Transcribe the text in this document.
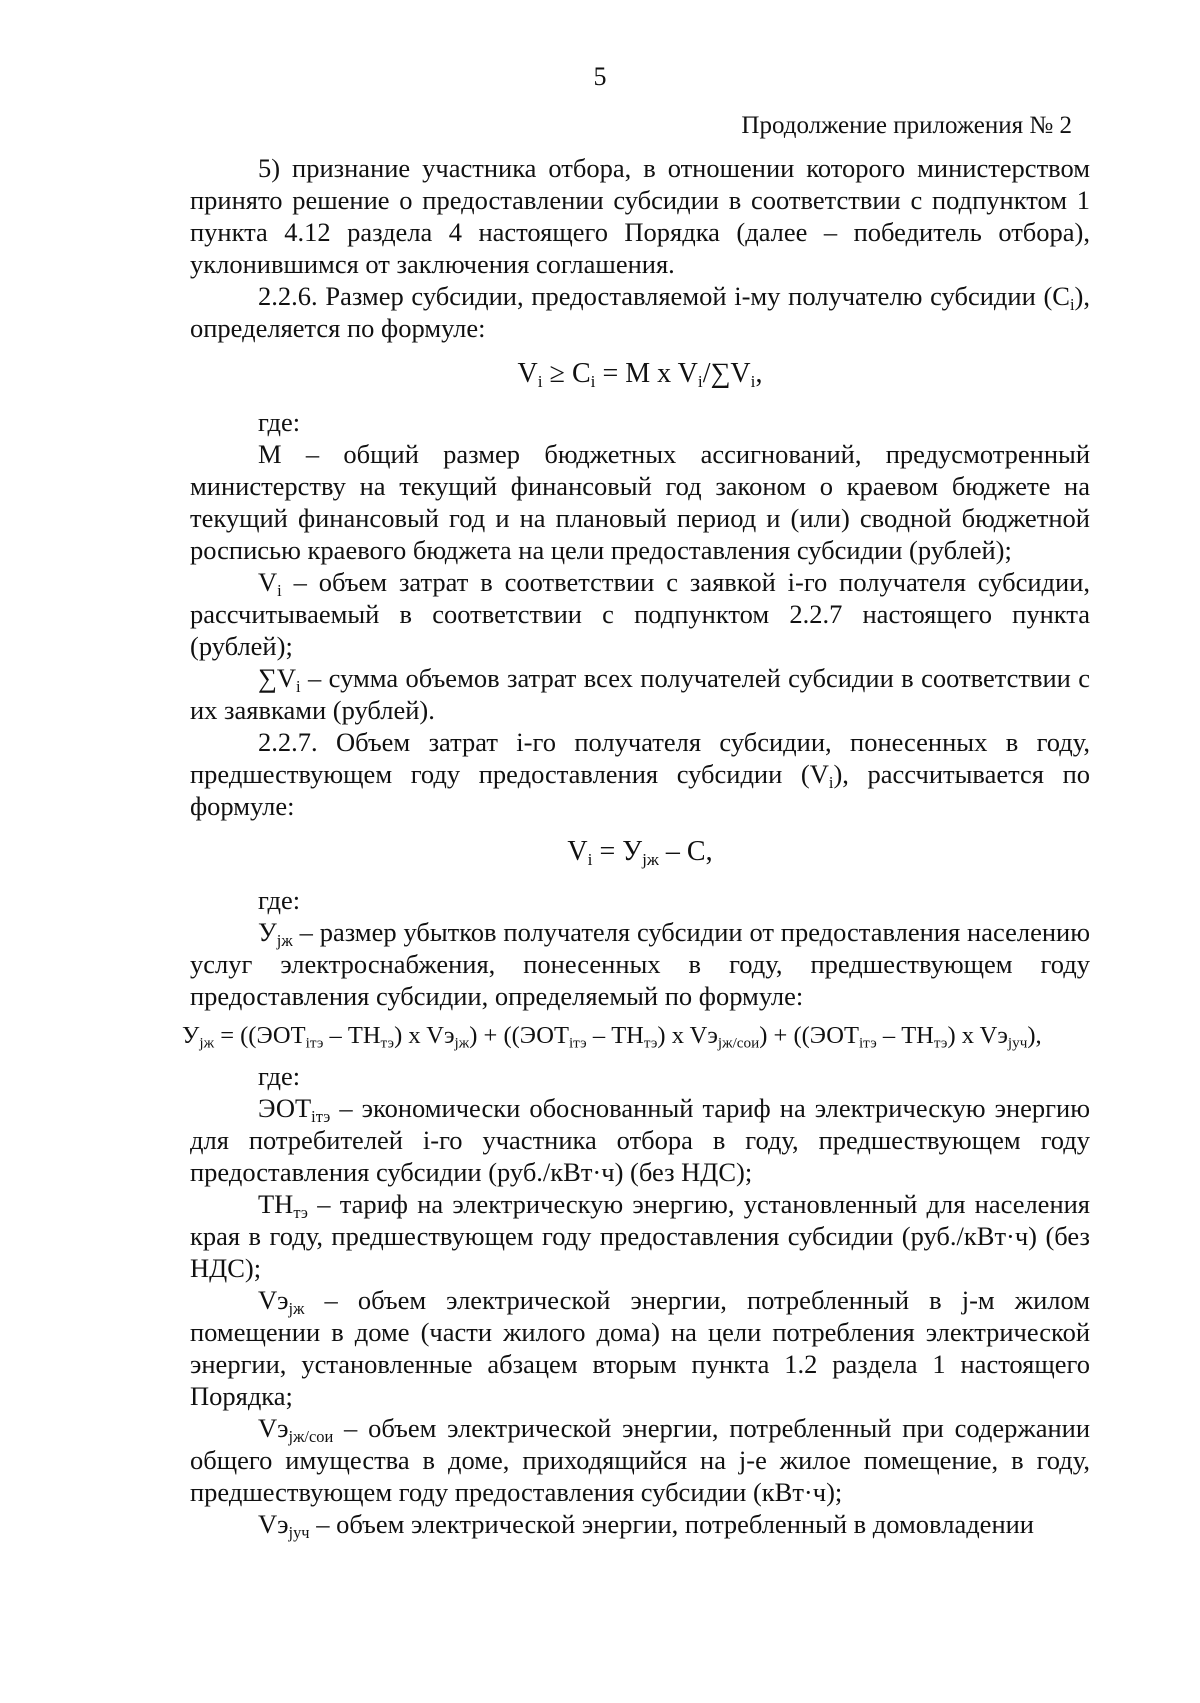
5
Продолжение приложения № 2

5) признание участника отбора, в отношении которого министерством принято решение о предоставлении субсидии в соответствии с подпунктом 1 пункта 4.12 раздела 4 настоящего Порядка (далее – победитель отбора), уклонившимся от заключения соглашения.

2.2.6. Размер субсидии, предоставляемой i-му получателю субсидии $(C_i)$, определяется по формуле:

$V_i \ge C_i = M$ x $V_i/\sum V_i$,

где:

М – общий размер бюджетных ассигнований, предусмотренный министерству на текущий финансовый год законом о краевом бюджете на текущий финансовый год и на плановый период и (или) сводной бюджетной росписью краевого бюджета на цели предоставления субсидии (рублей);

$V_i$ – объем затрат в соответствии с заявкой i-го получателя субсидии, рассчитываемый в соответствии с подпунктом 2.2.7 настоящего пункта (рублей);

$\sum V_i$ – сумма объемов затрат всех получателей субсидии в соответствии с их заявками (рублей).

2.2.7. Объем затрат i-го получателя субсидии, понесенных в году, предшествующем году предоставления субсидии $(V_i)$, рассчитывается по формуле:

$V_i = У_{jж} - С$,

где:

$У_{jж}$ – размер убытков получателя субсидии от предоставления населению услуг электроснабжения, понесенных в году, предшествующем году предоставления субсидии, определяемый по формуле:

$У_{jж} = ((ЭОТ_{iтэ} - ТН_{тэ})$ x $Vэ_{jж}) + ((ЭОТ_{iтэ} - ТН_{тэ})$ x $Vэ_{jж/сои}) + ((ЭОТ_{iтэ} - ТН_{тэ})$ x $Vэ_{jуч}$),

где:

$ЭОТ_{iтэ}$ – экономически обоснованный тариф на электрическую энергию для потребителей i-го участника отбора в году, предшествующем году предоставления субсидии (руб./кВт·ч) (без НДС);

$ТН_{тэ}$ – тариф на электрическую энергию, установленный для населения края в году, предшествующем году предоставления субсидии (руб./кВт·ч) (без НДС);

$Vэ_{jж}$ – объем электрической энергии, потребленный в j-м жилом помещении в доме (части жилого дома) на цели потребления электрической энергии, установленные абзацем вторым пункта 1.2 раздела 1 настоящего Порядка;

$Vэ_{jж/сои}$ – объем электрической энергии, потребленный при содержании общего имущества в доме, приходящийся на j-е жилое помещение, в году, предшествующем году предоставления субсидии (кВт·ч);

$Vэ_{jуч}$ – объем электрической энергии, потребленный в домовладении
